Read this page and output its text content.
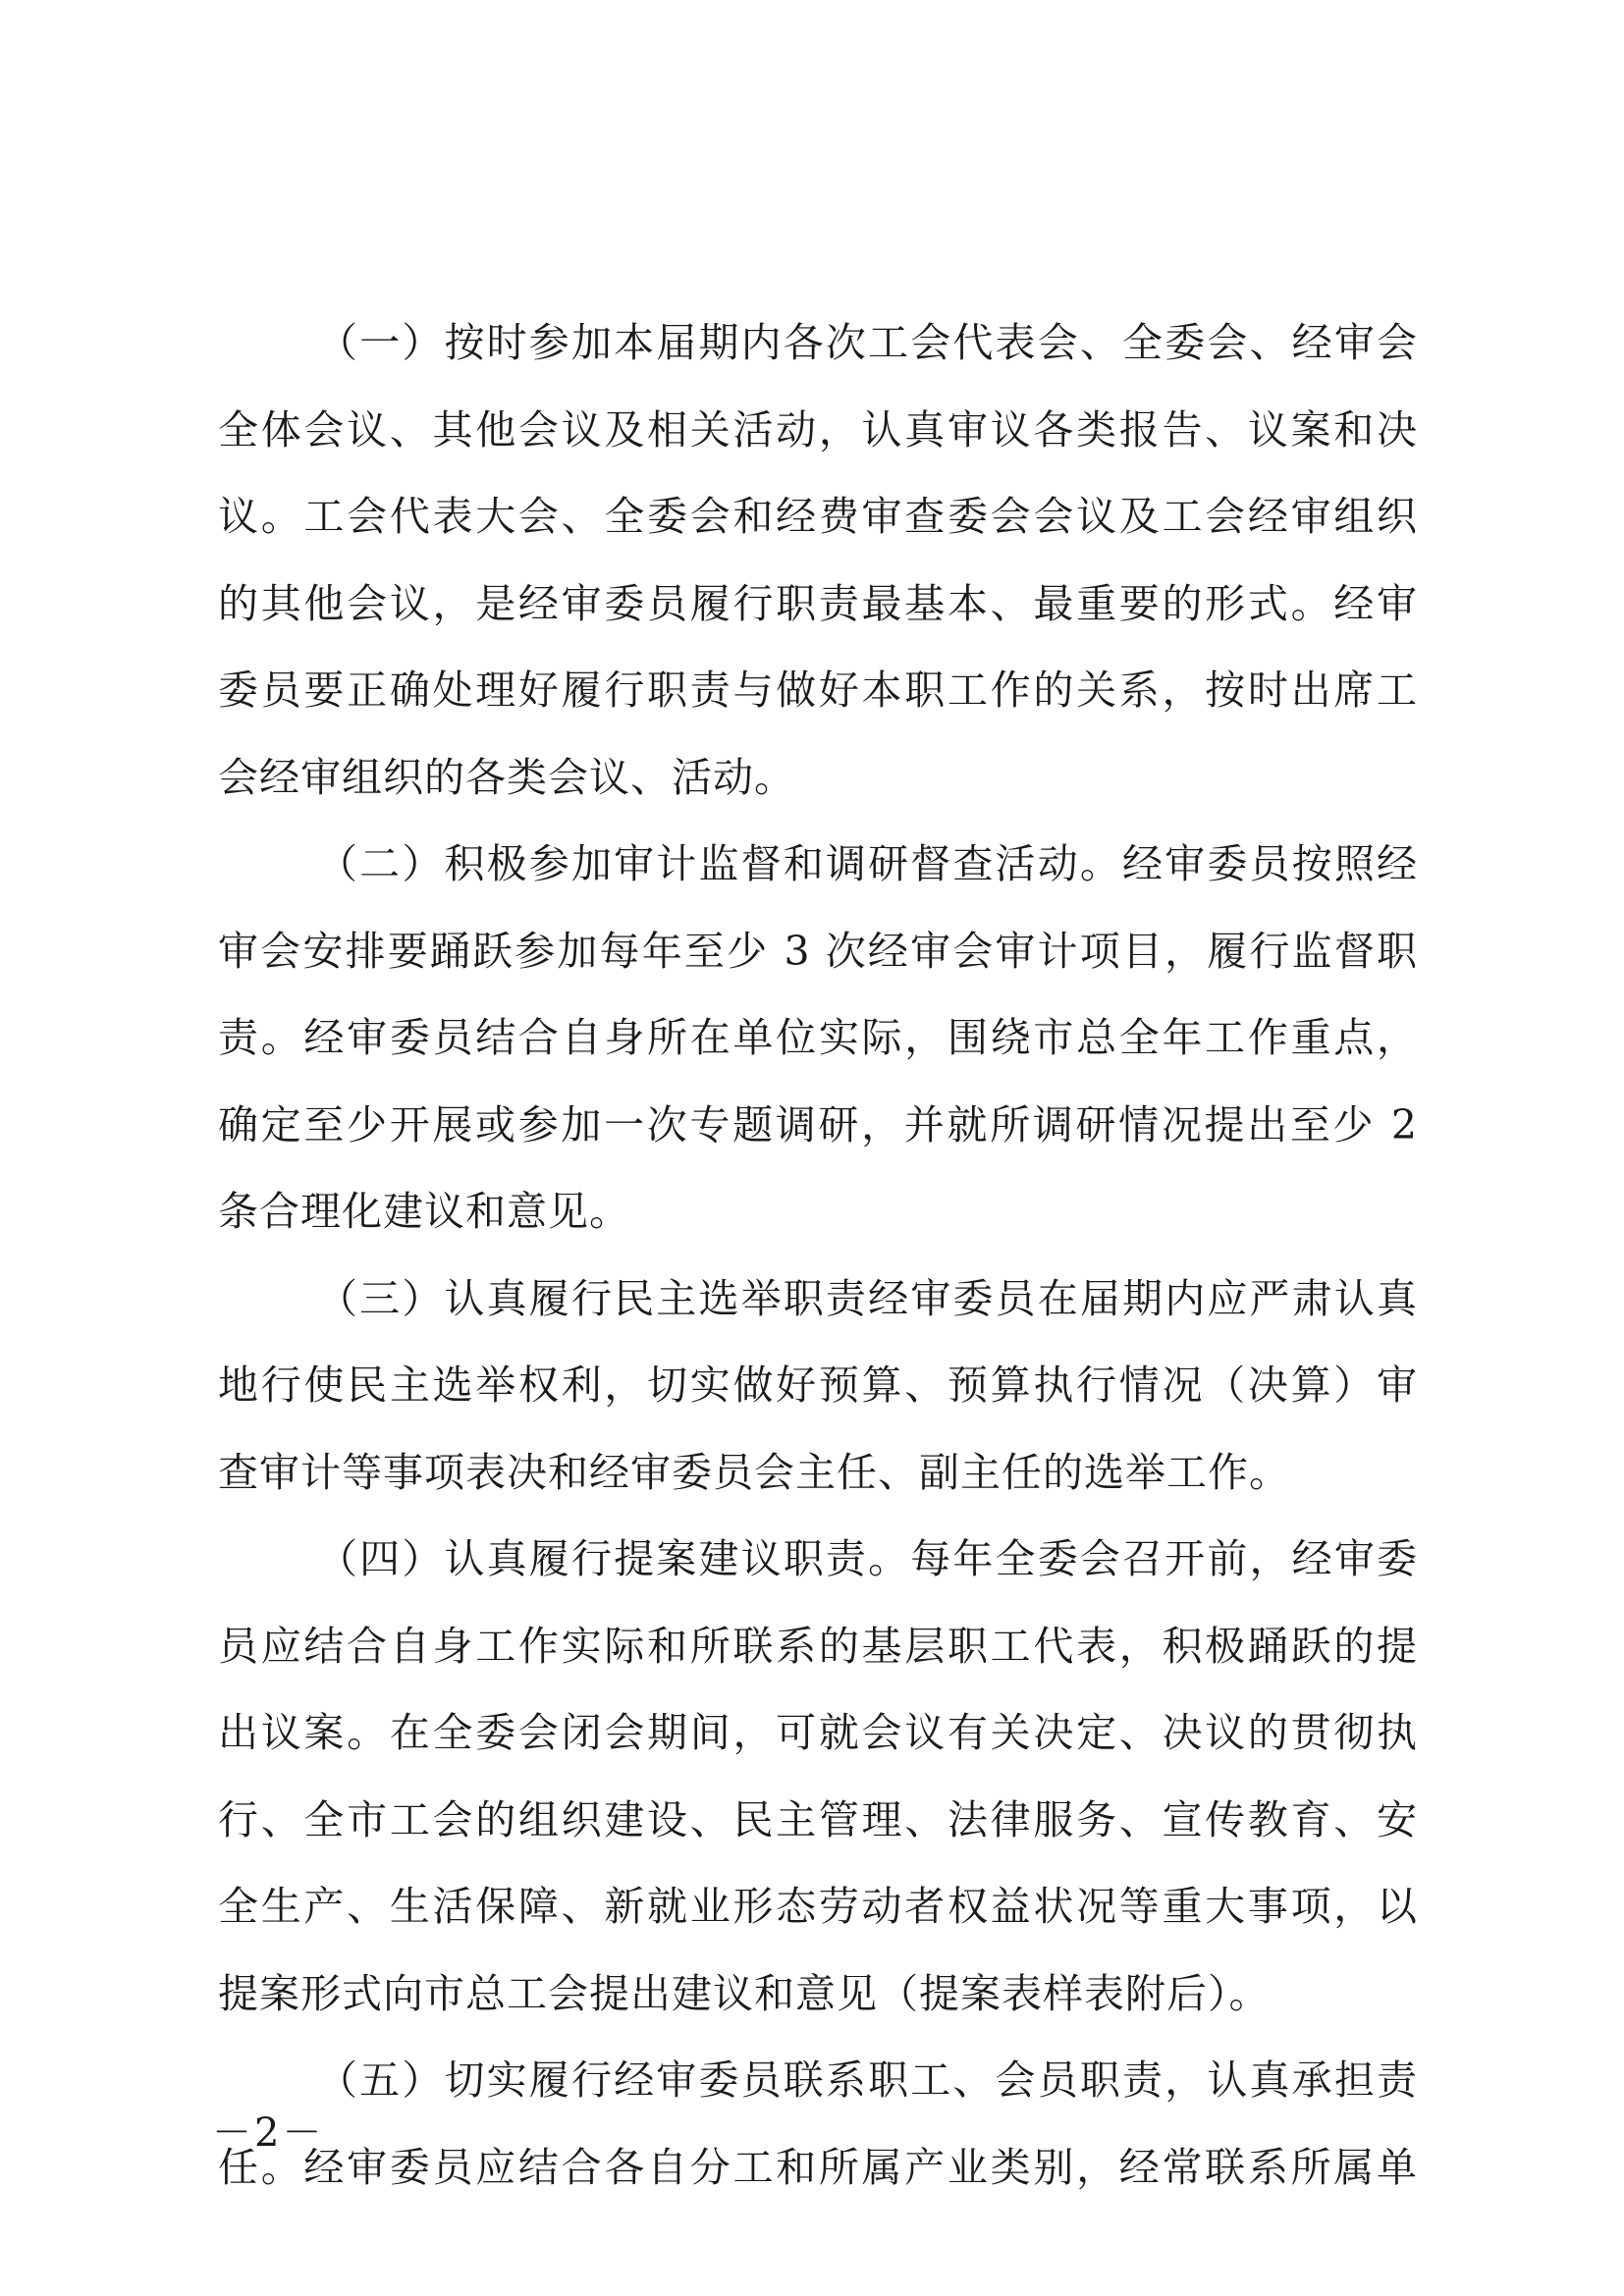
（一）按时参加本届期内各次工会代表会、全委会、经审会
全体会议、其他会议及相关活动，认真审议各类报告、议案和决
议。工会代表大会、全委会和经费审查委会会议及工会经审组织
的其他会议，是经审委员履行职责最基本、最重要的形式。经审
委员要正确处理好履行职责与做好本职工作的关系，按时出席工
会经审组织的各类会议、活动。

（二）积极参加审计监督和调研督查活动。经审委员按照经
审会安排要踊跃参加每年至少 3 次经审会审计项目，履行监督职
责。经审委员结合自身所在单位实际，围绕市总全年工作重点，
确定至少开展或参加一次专题调研，并就所调研情况提出至少 2
条合理化建议和意见。

（三）认真履行民主选举职责经审委员在届期内应严肃认真
地行使民主选举权利，切实做好预算、预算执行情况（决算）审
查审计等事项表决和经审委员会主任、副主任的选举工作。

（四）认真履行提案建议职责。每年全委会召开前，经审委
员应结合自身工作实际和所联系的基层职工代表，积极踊跃的提
出议案。在全委会闭会期间，可就会议有关决定、决议的贯彻执
行、全市工会的组织建设、民主管理、法律服务、宣传教育、安
全生产、生活保障、新就业形态劳动者权益状况等重大事项，以
提案形式向市总工会提出建议和意见（提案表样表附后）。

（五）切实履行经审委员联系职工、会员职责，认真承担责
任。经审委员应结合各自分工和所属产业类别，经常联系所属单

－2－
